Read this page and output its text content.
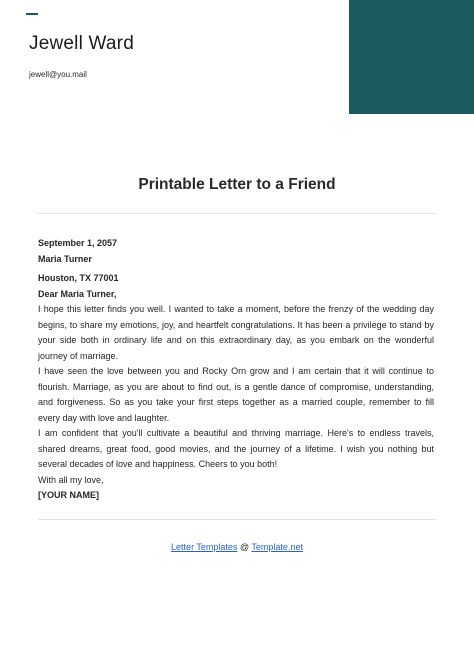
Jewell Ward
jewell@you.mail
Printable Letter to a Friend
September 1, 2057
Maria Turner
Houston, TX 77001
Dear Maria Turner,

I hope this letter finds you well. I wanted to take a moment, before the frenzy of the wedding day begins, to share my emotions, joy, and heartfelt congratulations. It has been a privilege to stand by your side both in ordinary life and on this extraordinary day, as you embark on the wonderful journey of marriage.

I have seen the love between you and Rocky Orn grow and I am certain that it will continue to flourish. Marriage, as you are about to find out, is a gentle dance of compromise, understanding, and forgiveness. So as you take your first steps together as a married couple, remember to fill every day with love and laughter.

I am confident that you'll cultivate a beautiful and thriving marriage. Here's to endless travels, shared dreams, great food, good movies, and the journey of a lifetime. I wish you nothing but several decades of love and happiness. Cheers to you both!

With all my love,
[YOUR NAME]
Letter Templates @ Template.net
